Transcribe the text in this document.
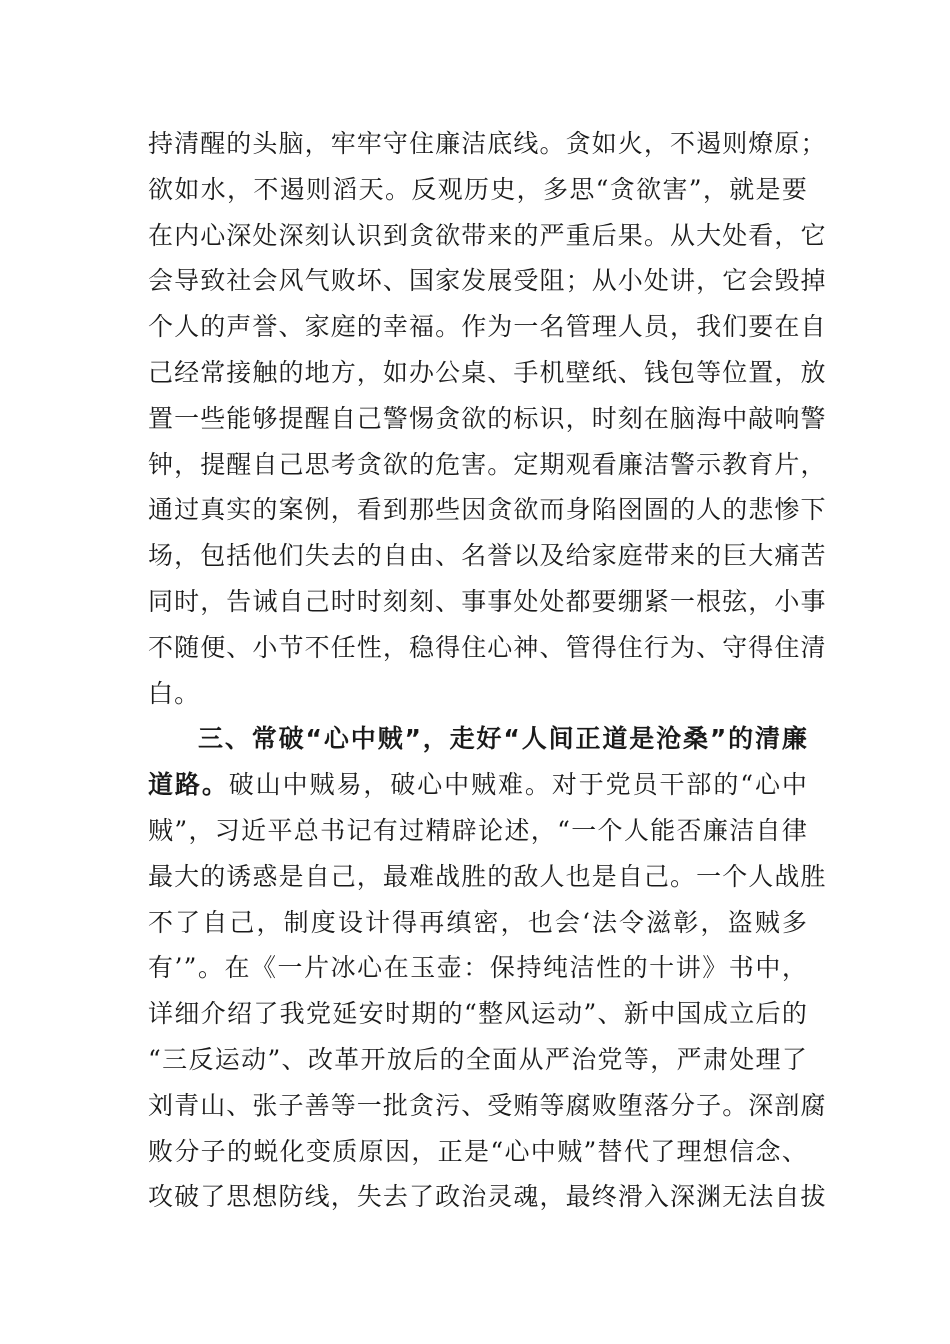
持清醒的头脑，牢牢守住廉洁底线。贪如火，不遏则燎原；
欲如水，不遏则滔天。反观历史，多思“贪欲害”，就是要
在内心深处深刻认识到贪欲带来的严重后果。从大处看，它
会导致社会风气败坏、国家发展受阻；从小处讲，它会毁掉
个人的声誉、家庭的幸福。作为一名管理人员，我们要在自
己经常接触的地方，如办公桌、手机壁纸、钱包等位置，放
置一些能够提醒自己警惕贪欲的标识，时刻在脑海中敲响警
钟，提醒自己思考贪欲的危害。定期观看廉洁警示教育片，
通过真实的案例，看到那些因贪欲而身陷囹圄的人的悲惨下
场，包括他们失去的自由、名誉以及给家庭带来的巨大痛苦
同时，告诫自己时时刻刻、事事处处都要绷紧一根弦，小事
不随便、小节不任性，稳得住心神、管得住行为、守得住清
白。
三、常破“心中贼”，走好“人间正道是沧桑”的清廉
道路。破山中贼易，破心中贼难。对于党员干部的“心中
贼”，习近平总书记有过精辟论述，“一个人能否廉洁自律
最大的诱惑是自己，最难战胜的敌人也是自己。一个人战胜
不了自己，制度设计得再缜密，也会‘法令滋彰，盗贼多
有’”。在《一片冰心在玉壶：保持纯洁性的十讲》书中，
详细介绍了我党延安时期的“整风运动”、新中国成立后的
“三反运动”、改革开放后的全面从严治党等，严肃处理了
刘青山、张子善等一批贪污、受贿等腐败堕落分子。深剖腐
败分子的蜕化变质原因，正是“心中贼”替代了理想信念、
攻破了思想防线，失去了政治灵魂，最终滑入深渊无法自拔
